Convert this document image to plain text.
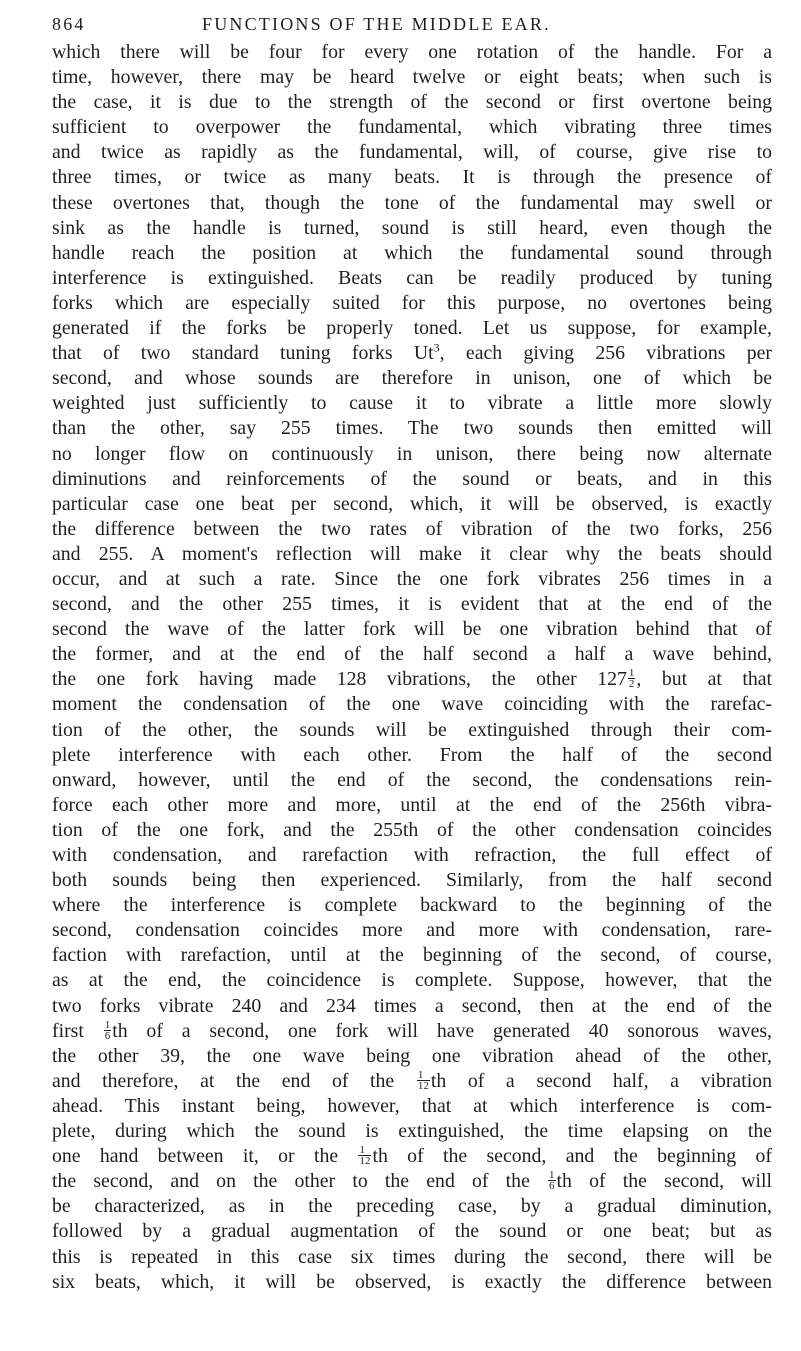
864	FUNCTIONS OF THE MIDDLE EAR.
which there will be four for every one rotation of the handle. For a
time, however, there may be heard twelve or eight beats; when such is
the case, it is due to the strength of the second or first overtone being
sufficient to overpower the fundamental, which vibrating three times
and twice as rapidly as the fundamental, will, of course, give rise to
three times, or twice as many beats. It is through the presence of
these overtones that, though the tone of the fundamental may swell or
sink as the handle is turned, sound is still heard, even though the
handle reach the position at which the fundamental sound through
interference is extinguished. Beats can be readily produced by tuning
forks which are especially suited for this purpose, no overtones being
generated if the forks be properly toned. Let us suppose, for example,
that of two standard tuning forks Ut$^3$, each giving 256 vibrations per
second, and whose sounds are therefore in unison, one of which be
weighted just sufficiently to cause it to vibrate a little more slowly
than the other, say 255 times. The two sounds then emitted will
no longer flow on continuously in unison, there being now alternate
diminutions and reinforcements of the sound or beats, and in this
particular case one beat per second, which, it will be observed, is exactly
the difference between the two rates of vibration of the two forks, 256
and 255. A moment's reflection will make it clear why the beats should
occur, and at such a rate. Since the one fork vibrates 256 times in a
second, and the other 255 times, it is evident that at the end of the
second the wave of the latter fork will be one vibration behind that of
the former, and at the end of the half second a half a wave behind,
the one fork having made 128 vibrations, the other $127 \frac{1}{2}$ , but at that
moment the condensation of the one wave coinciding with the rarefac-
tion of the other, the sounds will be extinguished through their com-
plete interference with each other. From the half of the second
onward, however, until the end of the second, the condensations rein-
force each other more and more, until at the end of the 256th vibra-
tion of the one fork, and the 255th of the other condensation coincides
with condensation, and rarefaction with refraction, the full effect of
both sounds being then experienced. Similarly, from the half second
where the interference is complete backward to the beginning of the
second, condensation coincides more and more with condensation, rare-
faction with rarefaction, until at the beginning of the second, of course,
as at the end, the coincidence is complete. Suppose, however, that the
two forks vibrate 240 and 234 times a second, then at the end of the
first $\frac{1}{6}$ th of a second, one fork will have generated 40 sonorous waves,
the other 39, the one wave being one vibration ahead of the other,
and therefore, at the end of the $\frac{1}{12}$ th of a second half, a vibration
ahead. This instant being, however, that at which interference is com-
plete, during which the sound is extinguished, the time elapsing on the
one hand between it, or the $\frac{1}{12}$ th of the second, and the beginning of
the second, and on the other to the end of the $\frac{1}{6}$ th of the second, will
be characterized, as in the preceding case, by a gradual diminution,
followed by a gradual augmentation of the sound or one beat; but as
this is repeated in this case six times during the second, there will be
six beats, which, it will be observed, is exactly the difference between
